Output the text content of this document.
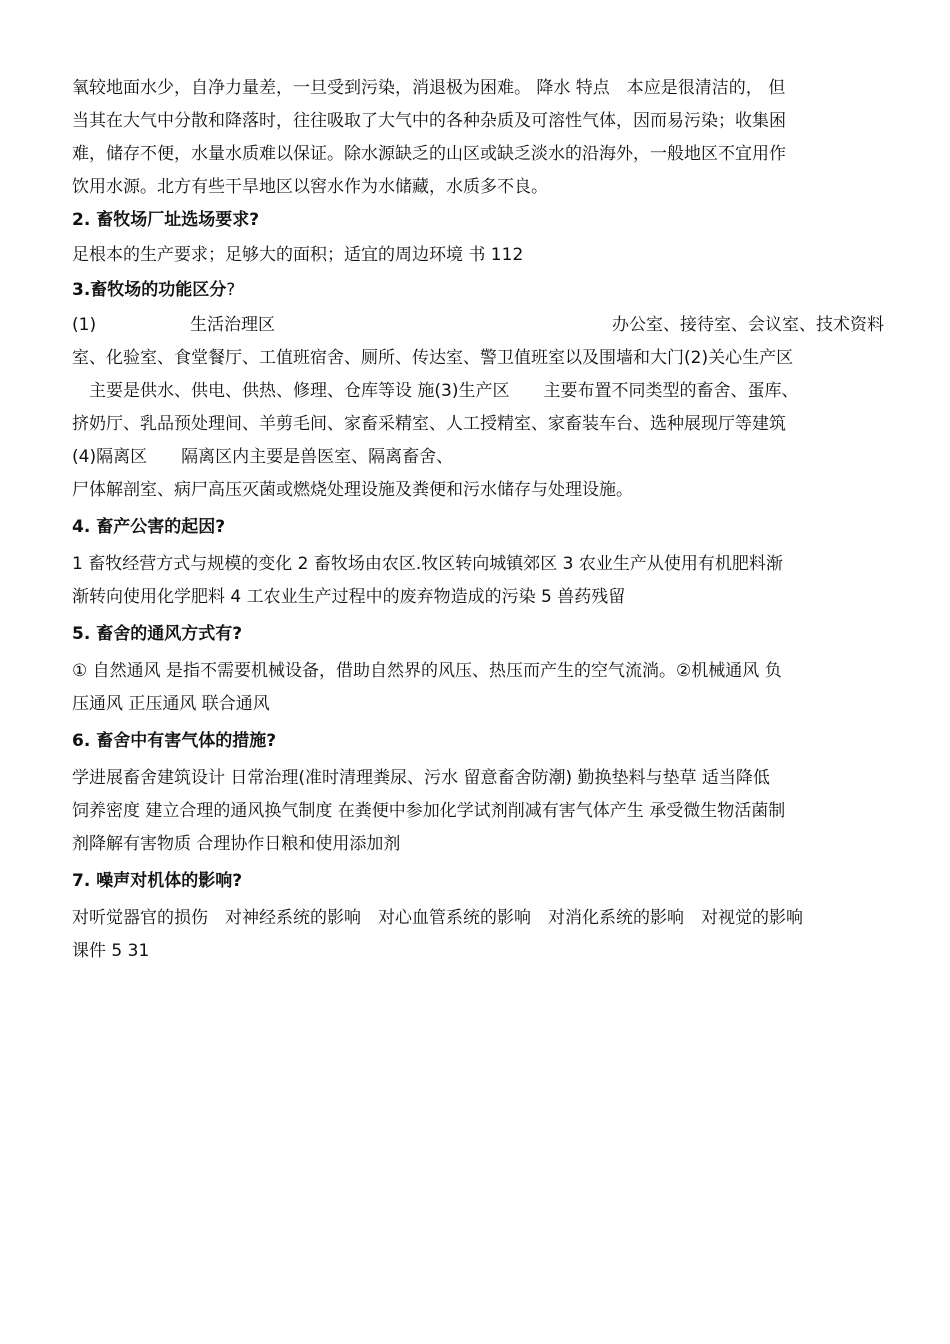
氧较地面水少，自净力量差，一旦受到污染，消退极为困难。 降水 特点　本应是很清洁的， 但

当其在大气中分散和降落时，往往吸取了大气中的各种杂质及可溶性气体，因而易污染；收集困

难，储存不便，水量水质难以保证。除水源缺乏的山区或缺乏淡水的沿海外，一般地区不宜用作

饮用水源。北方有些干旱地区以窖水作为水储藏，水质多不良。

2. 畜牧场厂址选场要求?

足根本的生产要求；足够大的面积；适宜的周边环境 书 112

3.畜牧场的功能区分?

(1)	生活治理区	办公室、接待室、会议室、技术资料

室、化验室、食堂餐厅、工值班宿舍、厕所、传达室、警卫值班室以及围墙和大门(2)关心生产区

　主要是供水、供电、供热、修理、仓库等设 施(3)生产区　　主要布置不同类型的畜舍、蛋库、

挤奶厅、乳品预处理间、羊剪毛间、家畜采精室、人工授精室、家畜装车台、选种展现厅等建筑

(4)隔离区　　隔离区内主要是兽医室、隔离畜舍、

尸体解剖室、病尸高压灭菌或燃烧处理设施及粪便和污水储存与处理设施。

4. 畜产公害的起因?

1 畜牧经营方式与规模的变化 2 畜牧场由农区.牧区转向城镇郊区 3 农业生产从使用有机肥料渐

渐转向使用化学肥料 4 工农业生产过程中的废弃物造成的污染 5 兽药残留

5. 畜舍的通风方式有?

① 自然通风 是指不需要机械设备，借助自然界的风压、热压而产生的空气流淌。②机械通风 负

压通风 正压通风 联合通风

6. 畜舍中有害气体的措施?

学进展畜舍建筑设计 日常治理(准时清理粪尿、污水 留意畜舍防潮) 勤换垫料与垫草 适当降低

饲养密度 建立合理的通风换气制度 在粪便中参加化学试剂削减有害气体产生 承受微生物活菌制

剂降解有害物质 合理协作日粮和使用添加剂

7. 噪声对机体的影响?

对听觉器官的损伤　对神经系统的影响　对心血管系统的影响　对消化系统的影响　对视觉的影响

课件 5 31
